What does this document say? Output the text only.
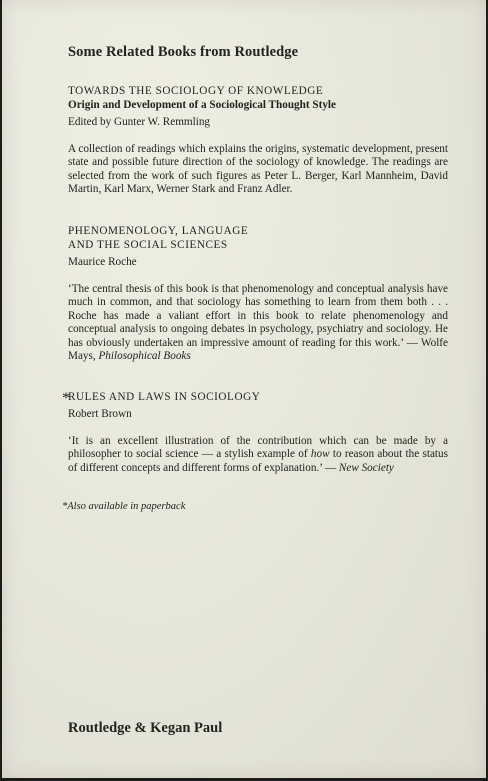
Some Related Books from Routledge

TOWARDS THE SOCIOLOGY OF KNOWLEDGE

Origin and Development of a Sociological Thought Style

Edited by Gunter W. Remmling

A collection of readings which explains the origins, systematic development, present state and possible future direction of the sociology of knowledge. The readings are selected from the work of such figures as Peter L. Berger, Karl Mannheim, David Martin, Karl Marx, Werner Stark and Franz Adler.

PHENOMENOLOGY, LANGUAGE

AND THE SOCIAL SCIENCES

Maurice Roche

‘The central thesis of this book is that phenomenology and conceptual analysis have much in common, and that sociology has something to learn from them both . . . Roche has made a valiant effort in this book to relate phenomenology and conceptual analysis to ongoing debates in psychology, psychiatry and sociology. He has obviously undertaken an impressive amount of reading for this work.’ — Wolfe Mays, Philosophical Books

*

RULES AND LAWS IN SOCIOLOGY

Robert Brown

‘It is an excellent illustration of the contribution which can be made by a philosopher to social science — a stylish example of how to reason about the status of different concepts and different forms of explanation.’ — New Society

*Also available in paperback
Routledge & Kegan Paul
